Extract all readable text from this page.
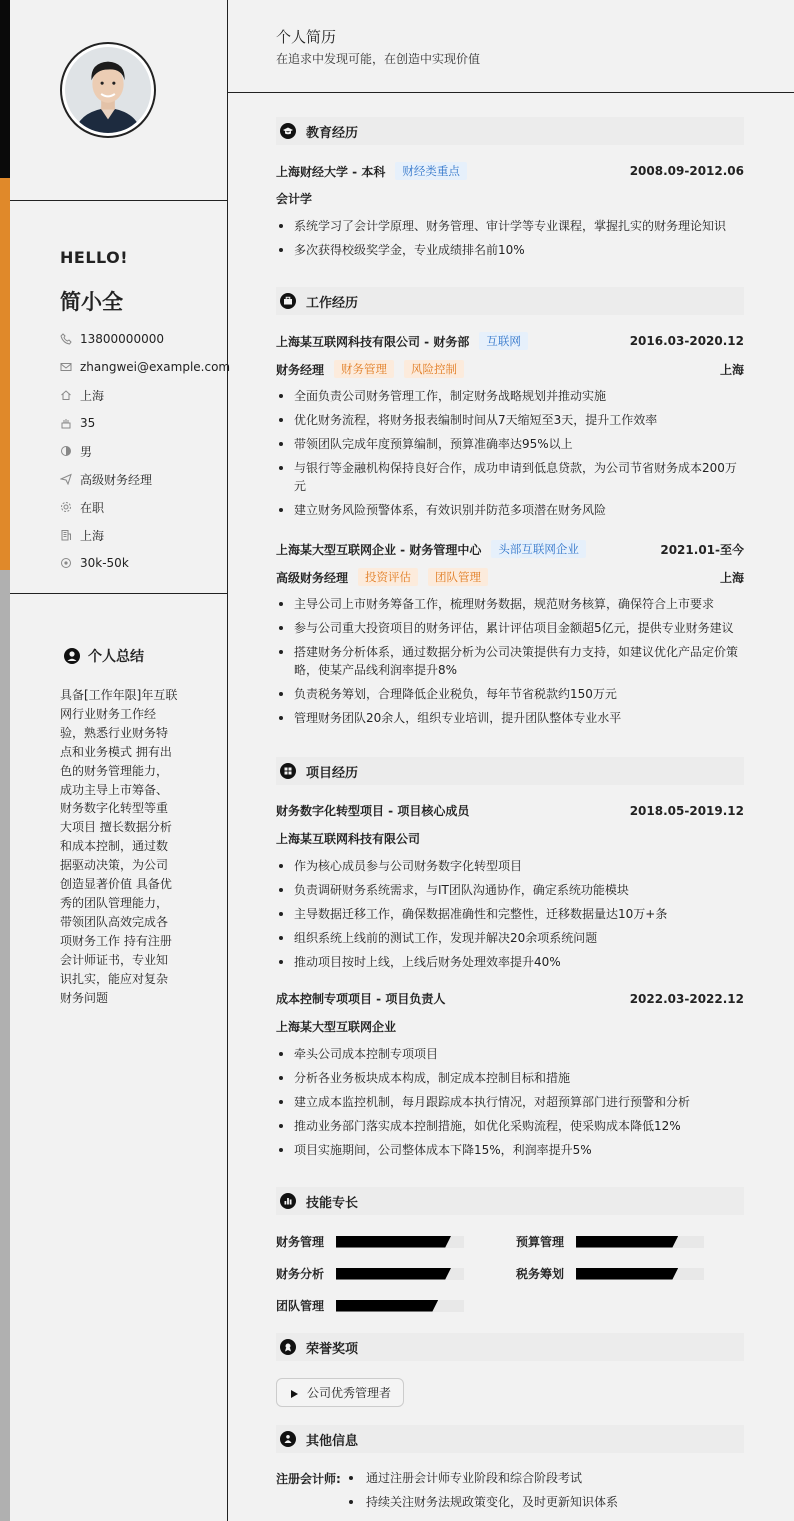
HELLO!
简小全
13800000000
zhangwei@example.com
上海
35
男
高级财务经理
在职
上海
30k-50k
个人总结
具备[工作年限]年互联网行业财务工作经验，熟悉行业财务特点和业务模式 拥有出色的财务管理能力，成功主导上市筹备、财务数字化转型等重大项目 擅长数据分析和成本控制，通过数据驱动决策，为公司创造显著价值 具备优秀的团队管理能力，带领团队高效完成各项财务工作 持有注册会计师证书，专业知识扎实，能应对复杂财务问题
个人简历
在追求中发现可能，在创造中实现价值
教育经历
上海财经大学 - 本科	财经类重点	2008.09-2012.06
会计学
系统学习了会计学原理、财务管理、审计学等专业课程，掌握扎实的财务理论知识
多次获得校级奖学金，专业成绩排名前10%
工作经历
上海某互联网科技有限公司 - 财务部	互联网	2016.03-2020.12
财务经理	财务管理	风险控制	上海
全面负责公司财务管理工作，制定财务战略规划并推动实施
优化财务流程，将财务报表编制时间从7天缩短至3天，提升工作效率
带领团队完成年度预算编制，预算准确率达95%以上
与银行等金融机构保持良好合作，成功申请到低息贷款，为公司节省财务成本200万元
建立财务风险预警体系，有效识别并防范多项潜在财务风险
上海某大型互联网企业 - 财务管理中心	头部互联网企业	2021.01-至今
高级财务经理	投资评估	团队管理	上海
主导公司上市财务筹备工作，梳理财务数据，规范财务核算，确保符合上市要求
参与公司重大投资项目的财务评估，累计评估项目金额超5亿元，提供专业财务建议
搭建财务分析体系，通过数据分析为公司决策提供有力支持，如建议优化产品定价策略，使某产品线利润率提升8%
负责税务筹划，合理降低企业税负，每年节省税款约150万元
管理财务团队20余人，组织专业培训，提升团队整体专业水平
项目经历
财务数字化转型项目 - 项目核心成员	2018.05-2019.12
上海某互联网科技有限公司
作为核心成员参与公司财务数字化转型项目
负责调研财务系统需求，与IT团队沟通协作，确定系统功能模块
主导数据迁移工作，确保数据准确性和完整性，迁移数据量达10万+条
组织系统上线前的测试工作，发现并解决20余项系统问题
推动项目按时上线，上线后财务处理效率提升40%
成本控制专项项目 - 项目负责人	2022.03-2022.12
上海某大型互联网企业
牵头公司成本控制专项项目
分析各业务板块成本构成，制定成本控制目标和措施
建立成本监控机制，每月跟踪成本执行情况，对超预算部门进行预警和分析
推动业务部门落实成本控制措施，如优化采购流程，使采购成本降低12%
项目实施期间，公司整体成本下降15%，利润率提升5%
技能专长
财务管理	预算管理
财务分析	税务筹划
团队管理
荣誉奖项
公司优秀管理者
其他信息
注册会计师:	通过注册会计师专业阶段和综合阶段考试
持续关注财务法规政策变化，及时更新知识体系
